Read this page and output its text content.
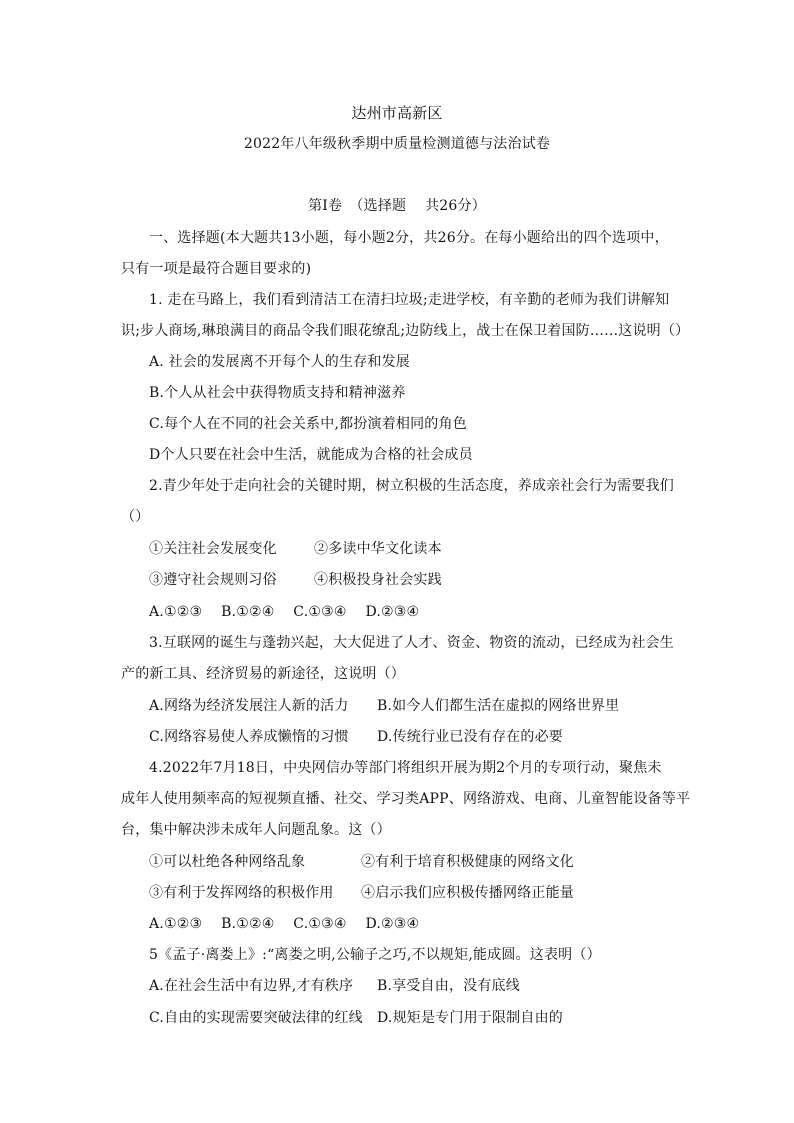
达州市高新区
2022年八年级秋季期中质量检测道德与法治试卷
第Ⅰ卷　（选择题　 共26分）
一、选择题(本大题共13小题，每小题2分，共26分。在每小题给出的四个选项中，
只有一项是最符合题目要求的)
1. 走在马路上，我们看到清洁工在清扫垃圾;走进学校，有辛勤的老师为我们讲解知
识;步人商场,琳琅满目的商品令我们眼花缭乱;边防线上，战士在保卫着国防……这说明（）
A. 社会的发展离不开每个人的生存和发展
B.个人从社会中获得物质支持和精神滋养
C.每个人在不同的社会关系中,都扮演着相同的角色
D个人只要在社会中生活，就能成为合格的社会成员
2.青少年处于走向社会的关键时期，树立积极的生活态度，养成亲社会行为需要我们
（）
①关注社会发展变化	②多读中华文化读本
③遵守社会规则习俗	④积极投身社会实践
A.①②③　 B.①②④　 C.①③④　 D.②③④
3.互联网的诞生与蓬勃兴起，大大促进了人才、资金、物资的流动，已经成为社会生
产的新工具、经济贸易的新途径，这说明（）
A.网络为经济发展注人新的活力 B.如今人们都生活在虚拟的网络世界里
C.网络容易使人养成懒惰的习惯 D.传统行业已没有存在的必要
4.2022年7月18日，中央网信办等部门将组织开展为期2个月的专项行动，聚焦未
成年人使用频率高的短视频直播、社交、学习类APP、网络游戏、电商、儿童智能设备等平
台，集中解决涉未成年人问题乱象。这（）
①可以杜绝各种网络乱象	②有利于培育积极健康的网络文化
③有利于发挥网络的积极作用 ④启示我们应积极传播网络正能量
A.①②③　 B.①②④　 C.①③④　 D.②③④
5《孟子·离娄上》:“离娄之明,公输子之巧,不以规矩,能成圆。这表明（）
A.在社会生活中有边界,才有秩序 B.享受自由，没有底线
C.自由的实现需要突破法律的红线 D.规矩是专门用于限制自由的
